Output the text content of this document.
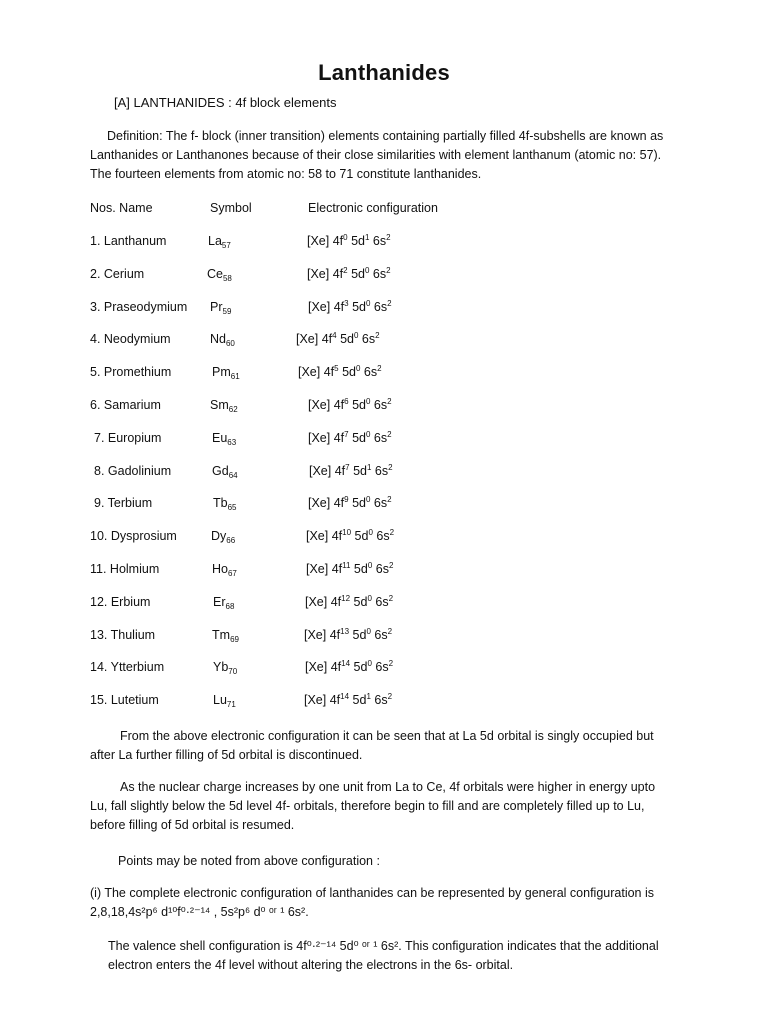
Lanthanides
[A] LANTHANIDES : 4f block elements
Definition: The f- block (inner transition) elements containing partially filled 4f-subshells are known as
Lanthanides or Lanthanones because of their close similarities with element lanthanum (atomic no: 57).
The fourteen elements from atomic no: 58 to 71 constitute lanthanides.
Nos. Name	Symbol	Electronic configuration
1. Lanthanum	$La_{57}$	[Xe] $4f^0$ $5d^1$ $6s^2$
2. Cerium	$Ce_{58}$	[Xe] $4f^2$ $5d^0$ $6s^2$
3. Praseodymium $Pr_{59}$	[Xe] $4f^3$ $5d^0$ $6s^2$
4. Neodymium	$Nd_{60}$	[Xe] $4f^4$ $5d^0$ $6s^2$
5. Promethium	$Pm_{61}$	[Xe] $4f^5$ $5d^0$ $6s^2$
6. Samarium	$Sm_{62}$	[Xe] $4f^6$ $5d^0$ $6s^2$
7. Europium	$Eu_{63}$	[Xe] $4f^7$ $5d^0$ $6s^2$
8. Gadolinium	$Gd_{64}$	[Xe] $4f^7$ $5d^1$ $6s^2$
9. Terbium	$Tb_{65}$	[Xe] $4f^9$ $5d^0$ $6s^2$
10. Dysprosium	$Dy_{66}$	[Xe] $4f^{10}$ $5d^0$ $6s^2$
11. Holmium	$Ho_{67}$	[Xe] $4f^{11}$ $5d^0$ $6s^2$
12. Erbium	$Er_{68}$	[Xe] $4f^{12}$ $5d^0$ $6s^2$
13. Thulium	$Tm_{69}$	[Xe] $4f^{13}$ $5d^0$ $6s^2$
14. Ytterbium	$Yb_{70}$	[Xe] $4f^{14}$ $5d^0$ $6s^2$
15. Lutetium	$Lu_{71}$	[Xe] $4f^{14}$ $5d^1$ $6s^2$
From the above electronic configuration it can be seen that at La 5d orbital is singly occupied but
after La further filling of 5d orbital is discontinued.
As the nuclear charge increases by one unit from La to Ce, 4f orbitals were higher in energy upto
Lu, fall slightly below the 5d level 4f- orbitals, therefore begin to fill and are completely filled up to Lu,
before filling of 5d orbital is resumed.
Points may be noted from above configuration :
(i) The complete electronic configuration of lanthanides can be represented by general configuration is
2,8,18,4s²p⁶ d¹⁰f⁰·²⁻¹⁴ , 5s²p⁶ d⁰ ᵒʳ ¹ 6s².
The valence shell configuration is 4f⁰·²⁻¹⁴ 5d⁰ ᵒʳ ¹ 6s². This configuration indicates that the additional
electron enters the 4f level without altering the electrons in the 6s- orbital.
